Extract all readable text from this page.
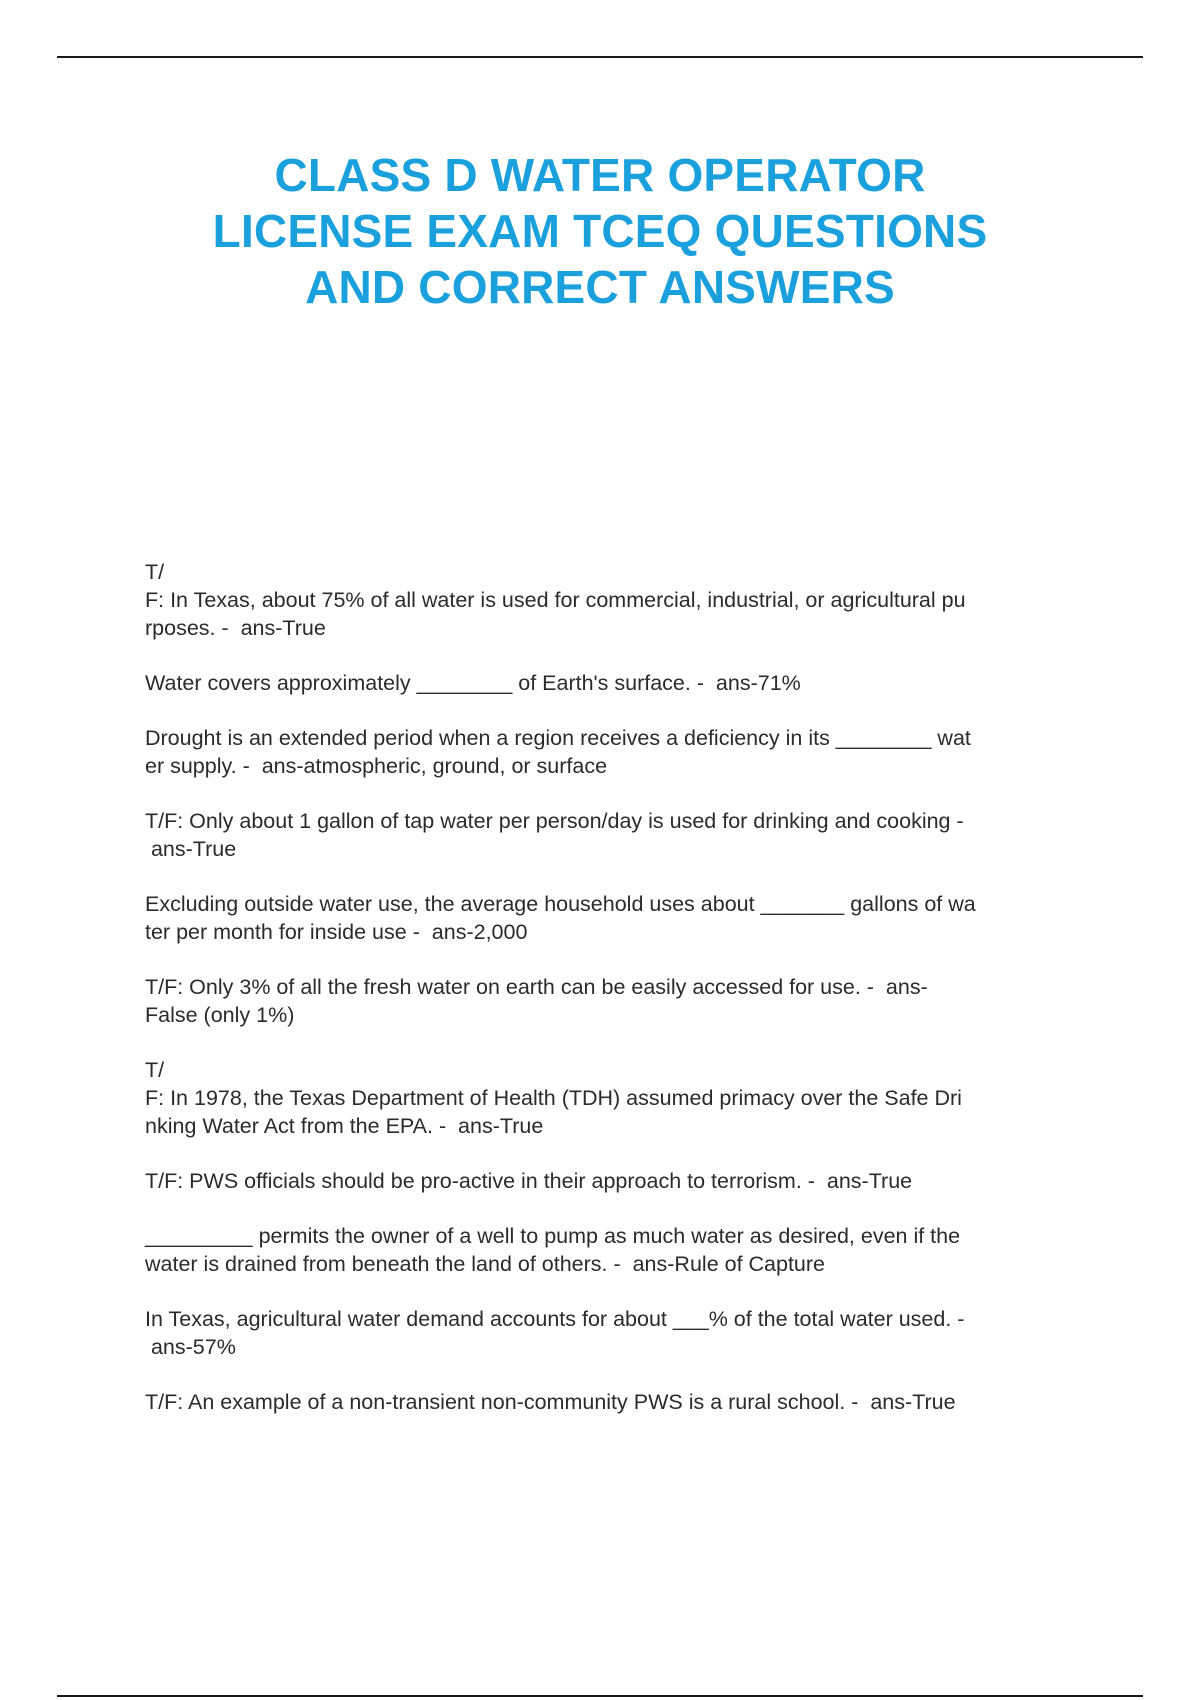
CLASS D WATER OPERATOR
LICENSE EXAM TCEQ QUESTIONS
AND CORRECT ANSWERS

T/
F: In Texas, about 75% of all water is used for commercial, industrial, or agricultural pu
rposes. -  ans-True

Water covers approximately ________ of Earth's surface. -  ans-71%

Drought is an extended period when a region receives a deficiency in its ________ wat
er supply. -  ans-atmospheric, ground, or surface

T/F: Only about 1 gallon of tap water per person/day is used for drinking and cooking -
ans-True

Excluding outside water use, the average household uses about _______ gallons of wa
ter per month for inside use -  ans-2,000

T/F: Only 3% of all the fresh water on earth can be easily accessed for use. -  ans-
False (only 1%)

T/
F: In 1978, the Texas Department of Health (TDH) assumed primacy over the Safe Dri
nking Water Act from the EPA. -  ans-True

T/F: PWS officials should be pro-active in their approach to terrorism. -  ans-True

_________ permits the owner of a well to pump as much water as desired, even if the
water is drained from beneath the land of others. -  ans-Rule of Capture

In Texas, agricultural water demand accounts for about ___% of the total water used. -
ans-57%

T/F: An example of a non-transient non-community PWS is a rural school. -  ans-True
